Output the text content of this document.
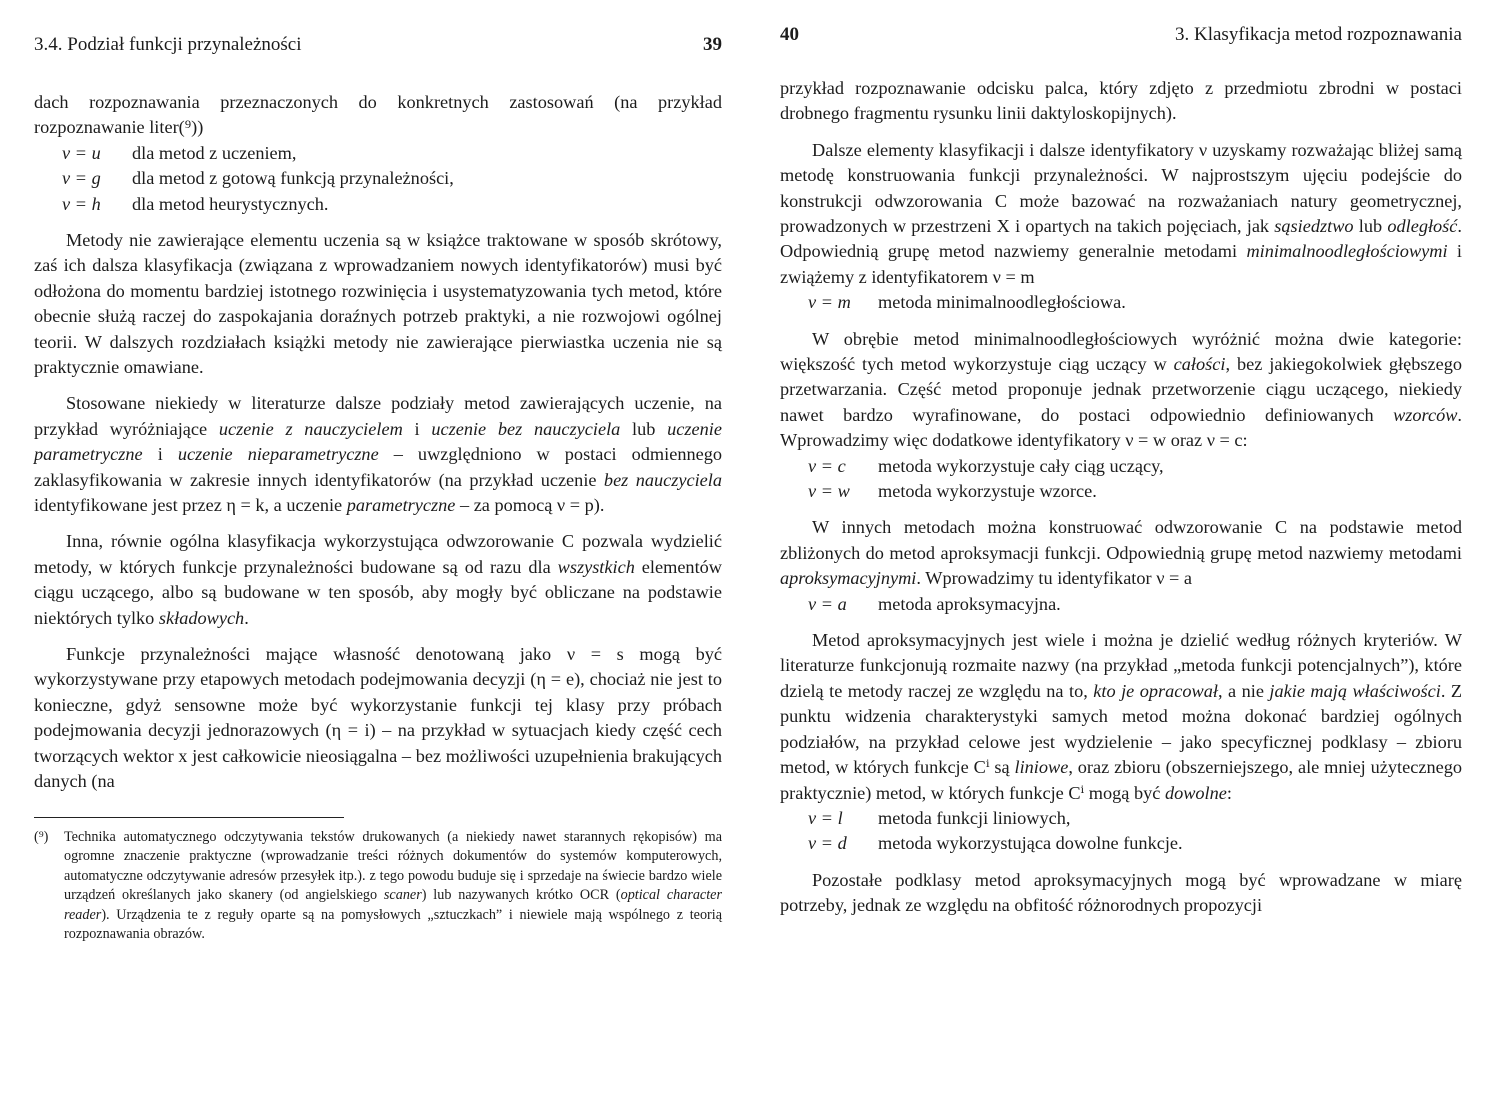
3.4. Podział funkcji przynależności	39

dach rozpoznawania przeznaczonych do konkretnych zastosowań (na przykład rozpoznawanie liter(⁹))

ν = u dla metod z uczeniem,
ν = g dla metod z gotową funkcją przynależności,
ν = h dla metod heurystycznych.

Metody nie zawierające elementu uczenia są w książce traktowane w sposób skrótowy, zaś ich dalsza klasyfikacja (związana z wprowadzaniem nowych identyfikatorów) musi być odłożona do momentu bardziej istotnego rozwinięcia i usystematyzowania tych metod, które obecnie służą raczej do zaspokajania doraźnych potrzeb praktyki, a nie rozwojowi ogólnej teorii. W dalszych rozdziałach książki metody nie zawierające pierwiastka uczenia nie są praktycznie omawiane.

Stosowane niekiedy w literaturze dalsze podziały metod zawierających uczenie, na przykład wyróżniające uczenie z nauczycielem i uczenie bez nauczyciela lub uczenie parametryczne i uczenie nieparametryczne – uwzględniono w postaci odmiennego zaklasyfikowania w zakresie innych identyfikatorów (na przykład uczenie bez nauczyciela identyfikowane jest przez η = k, a uczenie parametryczne – za pomocą ν = p).

Inna, równie ogólna klasyfikacja wykorzystująca odwzorowanie C pozwala wydzielić metody, w których funkcje przynależności budowane są od razu dla wszystkich elementów ciągu uczącego, albo są budowane w ten sposób, aby mogły być obliczane na podstawie niektórych tylko składowych.

Funkcje przynależności mające własność denotowaną jako ν = s mogą być wykorzystywane przy etapowych metodach podejmowania decyzji (η = e), chociaż nie jest to konieczne, gdyż sensowne może być wykorzystanie funkcji tej klasy przy próbach podejmowania decyzji jednorazowych (η = i) – na przykład w sytuacjach kiedy część cech tworzących wektor x jest całkowicie nieosiągalna – bez możliwości uzupełnienia brakujących danych (na

(⁹)	Technika automatycznego odczytywania tekstów drukowanych (a niekiedy nawet starannych rękopisów) ma ogromne znaczenie praktyczne (wprowadzanie treści różnych dokumentów do systemów komputerowych, automatyczne odczytywanie adresów przesyłek itp.). z tego powodu buduje się i sprzedaje na świecie bardzo wiele urządzeń określanych jako skanery (od angielskiego scaner) lub nazywanych krótko OCR (optical character reader). Urządzenia te z reguły oparte są na pomysłowych „sztuczkach” i niewiele mają wspólnego z teorią rozpoznawania obrazów.
40	3. Klasyfikacja metod rozpoznawania

przykład rozpoznawanie odcisku palca, który zdjęto z przedmiotu zbrodni w postaci drobnego fragmentu rysunku linii daktyloskopijnych).

Dalsze elementy klasyfikacji i dalsze identyfikatory ν uzyskamy rozważając bliżej samą metodę konstruowania funkcji przynależności. W najprostszym ujęciu podejście do konstrukcji odwzorowania C może bazować na rozważaniach natury geometrycznej, prowadzonych w przestrzeni X i opartych na takich pojęciach, jak sąsiedztwo lub odległość. Odpowiednią grupę metod nazwiemy generalnie metodami minimalnoodległościowymi i zwiążemy z identyfikatorem ν = m

ν = m metoda minimalnoodległościowa.

W obrębie metod minimalnoodległościowych wyróżnić można dwie kategorie: większość tych metod wykorzystuje ciąg uczący w całości, bez jakiegokolwiek głębszego przetwarzania. Część metod proponuje jednak przetworzenie ciągu uczącego, niekiedy nawet bardzo wyrafinowane, do postaci odpowiednio definiowanych wzorców. Wprowadzimy więc dodatkowe identyfikatory ν = w oraz ν = c:

ν = c metoda wykorzystuje cały ciąg uczący,
ν = w metoda wykorzystuje wzorce.

W innych metodach można konstruować odwzorowanie C na podstawie metod zbliżonych do metod aproksymacji funkcji. Odpowiednią grupę metod nazwiemy metodami aproksymacyjnymi. Wprowadzimy tu identyfikator ν = a

ν = a metoda aproksymacyjna.

Metod aproksymacyjnych jest wiele i można je dzielić według różnych kryteriów. W literaturze funkcjonują rozmaite nazwy (na przykład „metoda funkcji potencjalnych”), które dzielą te metody raczej ze względu na to, kto je opracował, a nie jakie mają właściwości. Z punktu widzenia charakterystyki samych metod można dokonać bardziej ogólnych podziałów, na przykład celowe jest wydzielenie – jako specyficznej podklasy – zbioru metod, w których funkcje Cⁱ są liniowe, oraz zbioru (obszerniejszego, ale mniej użytecznego praktycznie) metod, w których funkcje Cⁱ mogą być dowolne:

ν = l metoda funkcji liniowych,
ν = d metoda wykorzystująca dowolne funkcje.

Pozostałe podklasy metod aproksymacyjnych mogą być wprowadzane w miarę potrzeby, jednak ze względu na obfitość różnorodnych propozycji
